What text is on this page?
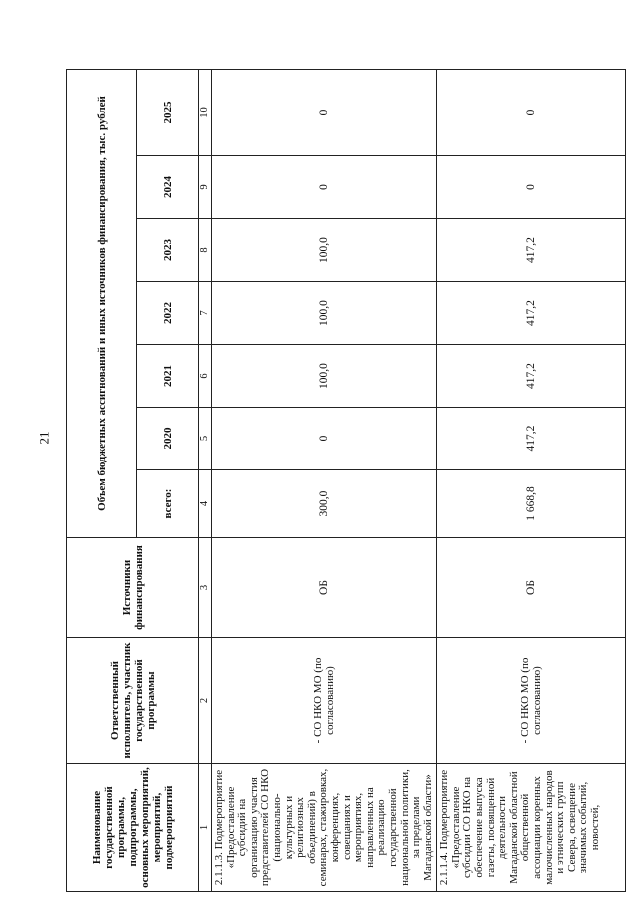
21
Наименование государственной программы, подпрограммы, основных мероприятий, мероприятий, подмероприятий	Ответственный исполнитель, участник государственной программы	Источники финансирования	Объем бюджетных ассигнований и иных источников финансирования, тыс. рублей						
			всего:	2020	2021	2022	2023	2024	2025
1	2	3	4	5	6	7	8	9	10
2.1.1.3. Подмероприятие «Предоставление субсидий на организацию участия представителей СО НКО (национально-культурных и религиозных объединений) в семинарах, стажировках, конференциях, совещаниях и мероприятиях, направленных на реализацию государственной национальной политики, за пределами Магаданской области»	- СО НКО МО (по согласованию)	ОБ	300,0	0	100,0	100,0	100,0	0	0
2.1.1.4. Подмероприятие «Предоставление субсидии СО НКО на обеспечение выпуска газеты, посвященной деятельности Магаданской областной общественной ассоциации коренных малочисленных народов и этнических групп Севера, освещение значимых событий, новостей,	- СО НКО МО (по согласованию)	ОБ	1 668,8	417,2	417,2	417,2	417,2	0	0
